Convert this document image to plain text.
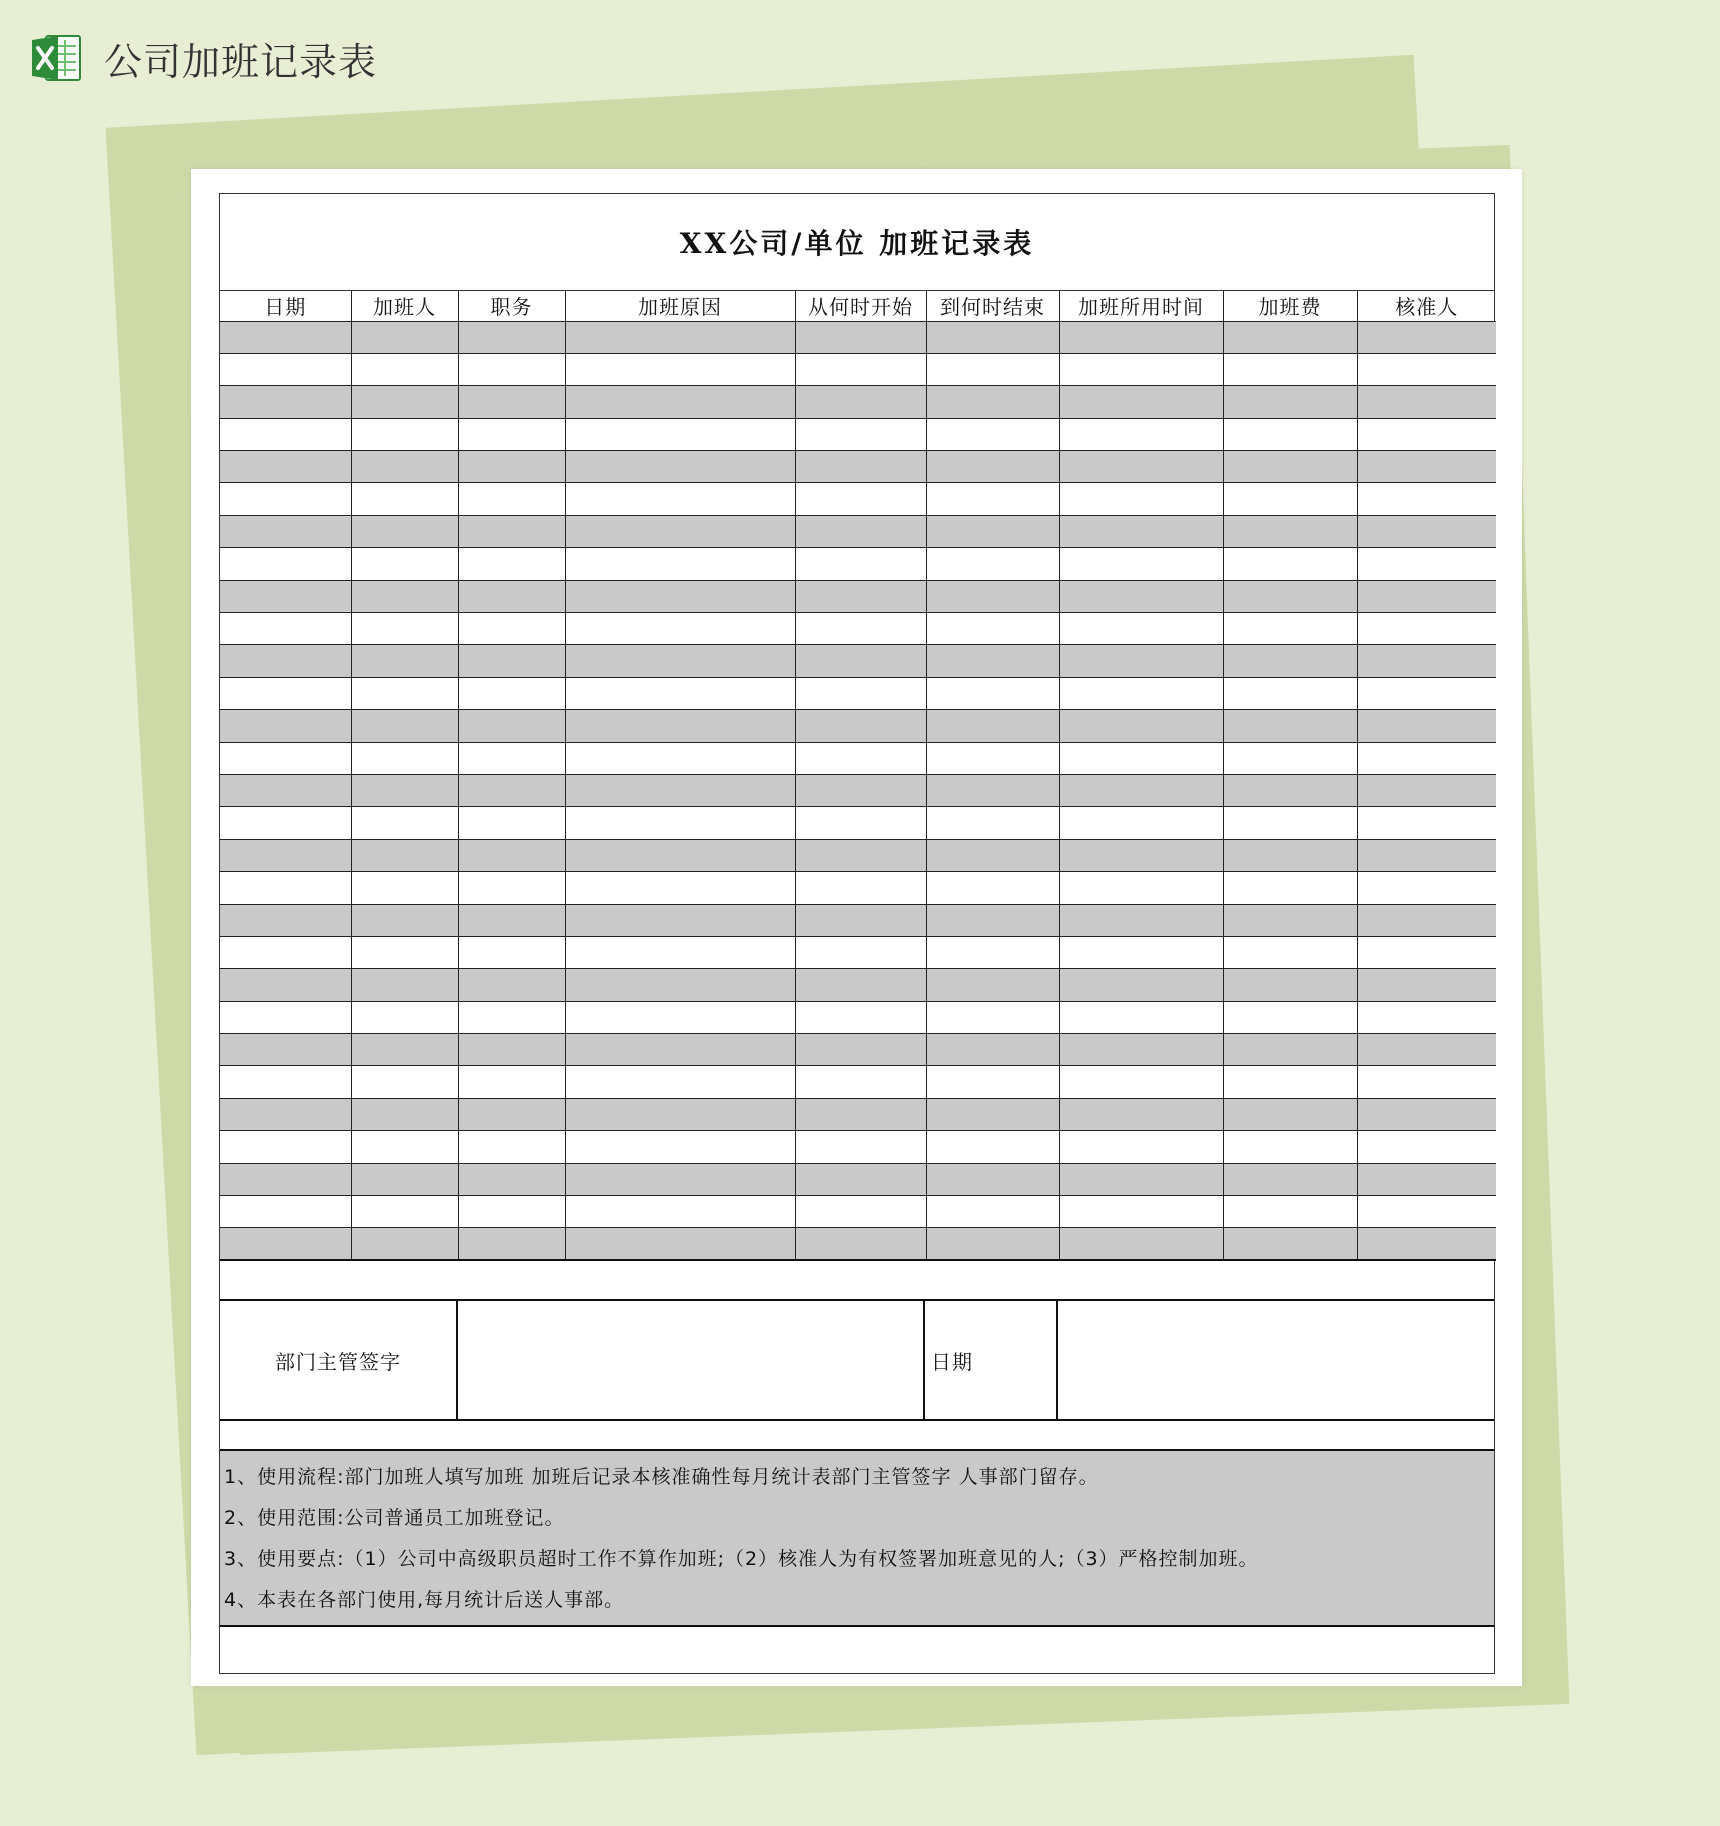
公司加班记录表
XX公司/单位 加班记录表
日期	加班人	职务	加班原因	从何时开始	到何时结束	加班所用时间	加班费	核准人

部门主管签字	日期
1、使用流程:部门加班人填写加班 加班后记录本核准确性每月统计表部门主管签字 人事部门留存。
2、使用范围:公司普通员工加班登记。
3、使用要点:（1）公司中高级职员超时工作不算作加班;（2）核准人为有权签署加班意见的人;（3）严格控制加班。
4、本表在各部门使用,每月统计后送人事部。
